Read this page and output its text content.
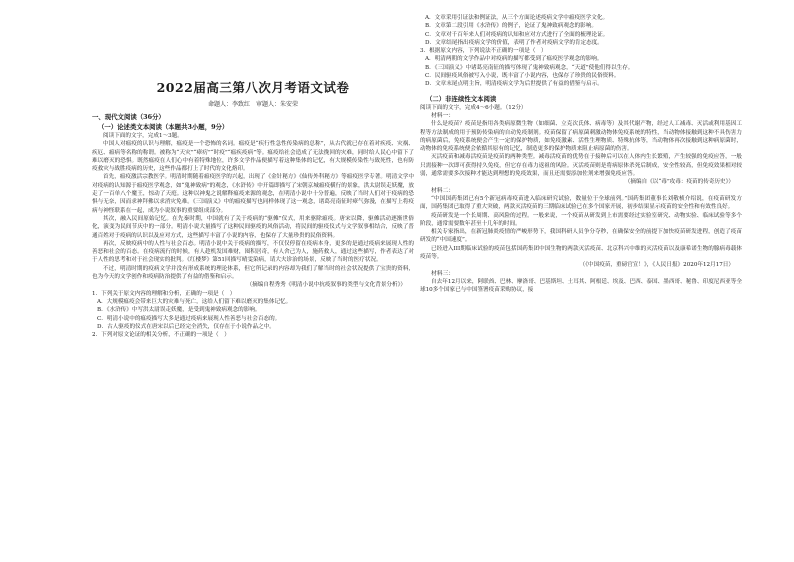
2022届高三第八次月考语文试卷
命题人：李致红　审题人：朱安荣
一、现代文阅读（36分）
（一）论述类文本阅读（本题共3小题，9分）
阅读下面的文字，完成1～3题。
中国人对瘟疫的认识与理解，瘟疫是一个恐怖的名词。瘟疫是“疾行性急性传染病的总称”，从古代就已存在着对疾疫、灾祸、疾厄、瘟病等名称的称谓。被称为“天灾”“瘴疠”“时疫”“瘟疾疫病”等。瘟疫给社会造成了无法挽回的灾难，同时给人民心中留下了难以磨灭的恐惧。既然瘟疫在人们心中有着特殊地位，许多文学作品便描写着这种集体的记忆，有大规模传染性与致死性，也有防疫救灾与战胜疫病的历史，这些作品都打上了时代的文化烙印。
首先，瘟疫激活宗教医学。明清时期随着瘟疫医学的兴起，出现了《金针秘方》《仙传外科秘方》等瘟疫医学专著。明清文学中对疫病的认知源于瘟疫医学观念，如“鬼神致病”的观念，《水浒传》中开篇即描写了宋朝京城瘟疫横行的景象，洪太尉误走妖魔，放走了一百单八个魔王，惊动了天庭。这种以神鬼之说解释瘟疫来源的观念，在明清小说中十分普遍，反映了当时人们对于疫病的恐惧与无奈，因而求神拜佛以求消灾免难。《三国演义》中的瘟疫描写也同样体现了这一观念，诸葛亮南征时瘴气弥漫，在描写上将疫病与神怪联系在一起，成为小说叙事的重要组成部分。
其次，融入民间原始记忆。在先秦时期，中国就有了关于疫病的“驱傩”仪式，用来驱除瘟疫。唐宋以降，驱傩活动逐渐世俗化，演变为民间节庆中的一部分。明清小说大量描写了这种民间驱疫的风俗活动，将民间的驱疫仪式与文学叙事相结合，反映了普通百姓对于疫病的认识以及应对方式，这些描写丰富了小说的内容，也保存了大量珍贵的民俗资料。
再次，反映疫病中的人性与社会百态。明清小说中关于疫病的描写，不仅仅停留在疫病本身，更多的是通过疫病来展现人性的善恶和社会的百态。在疫病流行的时候，有人趁机发国难财，囤积居奇，有人舍己为人，施药救人，通过这些描写，作者表达了对于人性的思考和对于社会现实的批判。《红楼梦》第51回描写晴雯染病，请大夫诊治的场景，反映了当时的医疗状况。
不过，明清时期的疫病文学并没有形成系统的理论体系，但它所记录的内容却为我们了解当时的社会状况提供了宝贵的资料，也为今天的文学创作和疫病防治提供了有益的借鉴和启示。
（摘编自程秀秀《明清小说中抗疫叙事的类型与文化背景分析》）
1．下列关于原文内容的理解和分析，正确的一项是（　）
A．大规模瘟疫会带来巨大的灾难与死亡，这给人们留下难以磨灭的集体记忆。
B．《水浒传》中写洪太尉误走妖魔，是受到鬼神致病观念的影响。
C．明清小说中的瘟疫描写大多是通过疫病来展现人性善恶与社会百态的。
D．古人驱疫的仪式在唐宋以后已经完全消失，仅存在于小说作品之中。
2．下列对原文论证的相关分析，不正确的一项是（　）
A．文章采用引证法和例证法，从三个方面论述疫病文学中瘟疫医学文化。
B．文章第二段引用《水浒传》的例子，论证了鬼神致病观念的影响。
C．文章对千百年来人们对疫病的认知和应对方式进行了全面的梳理论证。
D．文章结尾指出疫病文学的价值，表明了作者对疫病文学的肯定态度。
3．根据原文内容，下列说法不正确的一项是（　）
A．明清两朝的文学作品中对疫病的描写都受到了瘟疫医学观念的影响。
B．《三国演义》中诸葛亮南征的描写体现了鬼神致病观念，“天道”使他们得以生存。
C．民间驱疫风俗被写入小说，既丰富了小说内容，也保存了珍贵的民俗资料。
D．文章末尾点明主旨，明清疫病文学为后世提供了有益的借鉴与启示。
（二）非连续性文本阅读
阅读下面的文字，完成4～6小题。（12分）
材料一：
什么是疫苗？疫苗是指用各类病原微生物（如细菌、立克次氏体、病毒等）及其代谢产物，经过人工减毒、灭活或利用基因工程等方法制成的用于预防传染病的自动免疫制剂。疫苗保留了病原菌刺激动物体免疫系统的特性，当动物体接触到这种不具伤害力的病原菌后，免疫系统便会产生一定的保护物质，如免疫激素、活性生理物质、特殊抗体等，当动物体再次接触到这种病原菌时，动物体的免疫系统便会依循其原有的记忆，制造更多的保护物质来阻止病原菌的伤害。
灭活疫苗和减毒活疫苗是疫苗的两种类型。减毒活疫苗的优势在于接种后可以在人体内生长繁殖，产生较强的免疫应答，一般只需接种一次即可获得持久免疫，但它存在毒力返祖的风险。灭活疫苗则是将病原体杀死后制成，安全性较高，但免疫效果相对较弱，通常需要多次接种才能达到理想的免疫效果，而且还需要添加佐剂来增强免疫应答。
（摘编自《以“毒”攻毒：疫苗的传奇历史》）
材料二：
“中国国药集团已有5个新冠病毒疫苗进入临床研究试验，数量位于全球前列。”国药集团董事长刘敬桢介绍说，在疫苗研发方面，国药集团已取得了重大突破，两款灭活疫苗的三期临床试验已在多个国家开展，初步结果显示疫苗的安全性和有效性良好。
疫苗研发是一个长周期、高风险的过程。一般来说，一个疫苗从研发到上市需要经过实验室研究、动物实验、临床试验等多个阶段，通常需要数年甚至十几年的时间。
相关专家指出，在新冠肺炎疫情的严峻形势下，我国科研人员争分夺秒，在确保安全的前提下加快疫苗研发进程，创造了疫苗研发的“中国速度”。
已经进入III期临床试验的疫苗包括国药集团中国生物的两款灭活疫苗、北京科兴中维的灭活疫苗以及康希诺生物的腺病毒载体疫苗等。
（《中国疫苗，重磅官宣！》，《人民日报》2020年12月17日）
材料三：
自去年12月以来，阿联酋、巴林、摩洛哥、巴基斯坦、土耳其、阿根廷、埃及、巴西、泰国、墨西哥、秘鲁、印度尼西亚等全球10多个国家已与中国签署疫苗采购协议，接
